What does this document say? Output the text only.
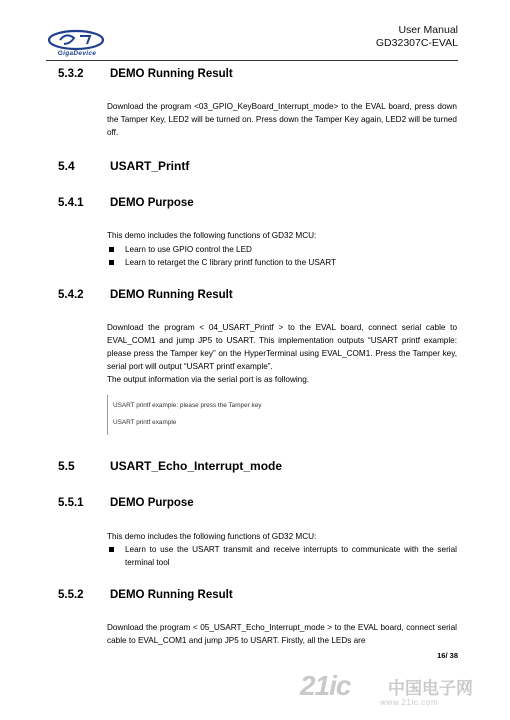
GigaDevice
User Manual
GD32307C-EVAL
5.3.2 DEMO Running Result

Download the program <03_GPIO_KeyBoard_Interrupt_mode> to the EVAL board, press down the Tamper Key, LED2 will be turned on. Press down the Tamper Key again, LED2 will be turned off.

5.4	USART_Printf
5.4.1 DEMO Purpose

This demo includes the following functions of GD32 MCU:

Learn to use GPIO control the LED
Learn to retarget the C library printf function to the USART
5.4.2 DEMO Running Result

Download the program < 04_USART_Printf > to the EVAL board, connect serial cable to EVAL_COM1 and jump JP5 to USART. This implementation outputs “USART printf example: please press the Tamper key” on the HyperTerminal using EVAL_COM1. Press the Tamper key, serial port will output “USART printf example”.

The output information via the serial port is as following.

USART printf example: please press the Tamper key
USART printf example
5.5	USART_Echo_Interrupt_mode
5.5.1 DEMO Purpose

This demo includes the following functions of GD32 MCU:

Learn to use the USART transmit and receive interrupts to communicate with the serial terminal tool
5.5.2 DEMO Running Result

Download the program < 05_USART_Echo_Interrupt_mode > to the EVAL board, connect serial cable to EVAL_COM1 and jump JP5 to USART. Firstly, all the LEDs are

16/ 38
21ic 中国电子网
www.21ic.com
